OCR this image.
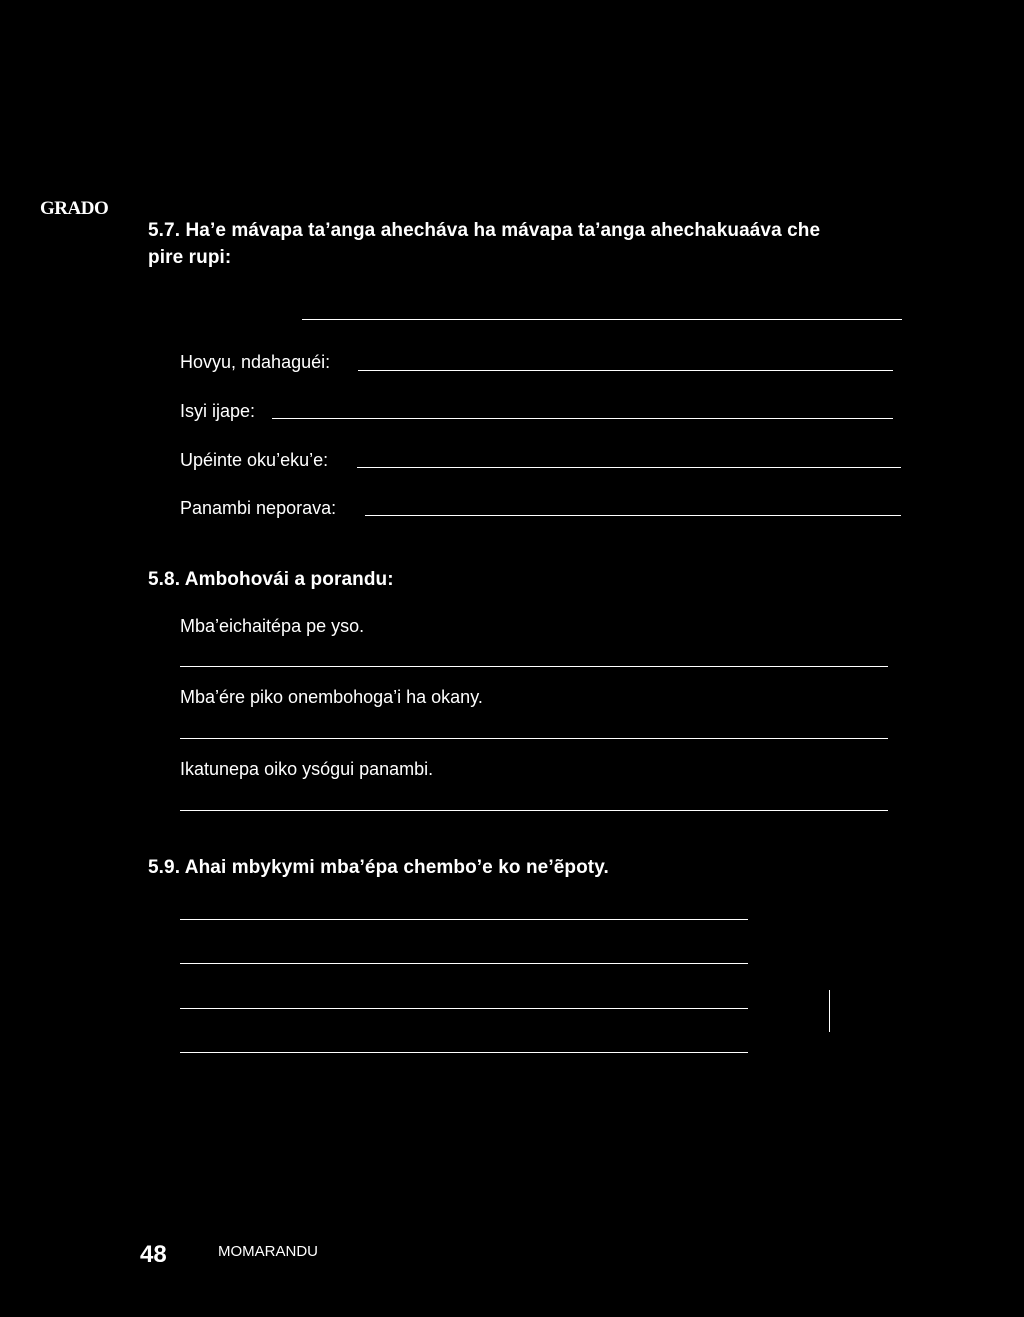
GRADO
5.7. Ha’e mávapa ta’anga ahecháva ha mávapa ta’anga ahechakuaáva che
pire rupi:
Hovyu, ndahaguéi:
Isyi ijape:
Upéinte oku’eku’e:
Panambi neporava:
5.8. Ambohovái a porandu:
Mba’eichaitépa pe yso.
Mba’ére piko onembohoga’i ha okany.
Ikatunepa oiko ysógui panambi.
5.9. Ahai mbykymi mba’épa chembo’e ko ne’ẽpoty.
48	MOMARANDU
